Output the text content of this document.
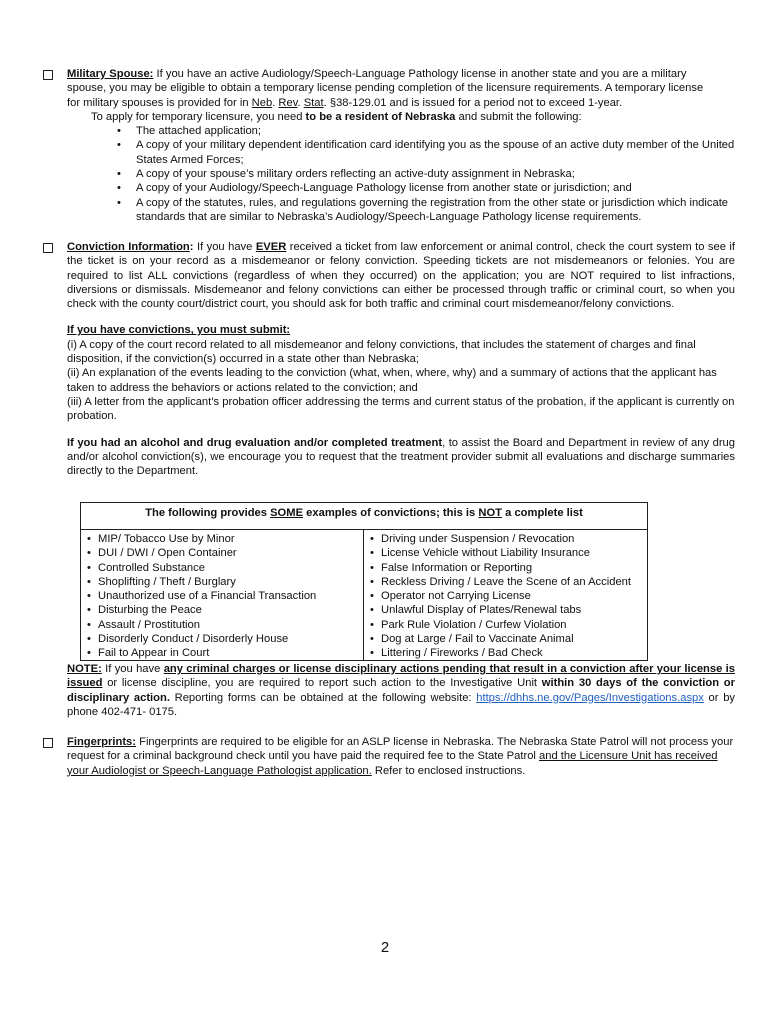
Military Spouse: If you have an active Audiology/Speech-Language Pathology license in another state and you are a military
spouse, you may be eligible to obtain a temporary license pending completion of the licensure requirements. A temporary license
for military spouses is provided for in Neb. Rev. Stat. §38-129.01 and is issued for a period not to exceed 1-year.

To apply for temporary licensure, you need to be a resident of Nebraska and submit the following:

• The attached application;
• A copy of your military dependent identification card identifying you as the spouse of an active duty member of the United States Armed Forces;
• A copy of your spouse’s military orders reflecting an active-duty assignment in Nebraska;
• A copy of your Audiology/Speech-Language Pathology license from another state or jurisdiction; and
• A copy of the statutes, rules, and regulations governing the registration from the other state or jurisdiction which indicate standards that are similar to Nebraska’s Audiology/Speech-Language Pathology license requirements.

Conviction Information: If you have EVER received a ticket from law enforcement or animal control, check the court system to see if the ticket is on your record as a misdemeanor or felony conviction. Speeding tickets are not misdemeanors or felonies. You are required to list ALL convictions (regardless of when they occurred) on the application; you are NOT required to list infractions, diversions or dismissals. Misdemeanor and felony convictions can either be processed through traffic or criminal court, so when you check with the county court/district court, you should ask for both traffic and criminal court misdemeanor/felony convictions.

If you have convictions, you must submit:

(i) A copy of the court record related to all misdemeanor and felony convictions, that includes the statement of charges and final disposition, if the conviction(s) occurred in a state other than Nebraska;

(ii) An explanation of the events leading to the conviction (what, when, where, why) and a summary of actions that the applicant has taken to address the behaviors or actions related to the conviction; and

(iii) A letter from the applicant’s probation officer addressing the terms and current status of the probation, if the applicant is currently on probation.

If you had an alcohol and drug evaluation and/or completed treatment, to assist the Board and Department in review of any drug and/or alcohol conviction(s), we encourage you to request that the treatment provider submit all evaluations and discharge summaries directly to the Department.

The following provides SOME examples of convictions; this is NOT a complete list
• MIP/ Tobacco Use by Minor
• DUI / DWI / Open Container
• Controlled Substance
• Shoplifting / Theft / Burglary
• Unauthorized use of a Financial Transaction
• Disturbing the Peace
• Assault / Prostitution
• Disorderly Conduct / Disorderly House
• Fail to Appear in Court
• Driving under Suspension / Revocation
• License Vehicle without Liability Insurance
• False Information or Reporting
• Reckless Driving / Leave the Scene of an Accident
• Operator not Carrying License
• Unlawful Display of Plates/Renewal tabs
• Park Rule Violation / Curfew Violation
• Dog at Large / Fail to Vaccinate Animal
• Littering / Fireworks / Bad Check

NOTE: If you have any criminal charges or license disciplinary actions pending that result in a conviction after your license is issued or license discipline, you are required to report such action to the Investigative Unit within 30 days of the conviction or disciplinary action. Reporting forms can be obtained at the following website: https://dhhs.ne.gov/Pages/Investigations.aspx or by phone 402-471- 0175.

Fingerprints: Fingerprints are required to be eligible for an ASLP license in Nebraska. The Nebraska State Patrol will not process your request for a criminal background check until you have paid the required fee to the State Patrol and the Licensure Unit has received your Audiologist or Speech-Language Pathologist application. Refer to enclosed instructions.

2
